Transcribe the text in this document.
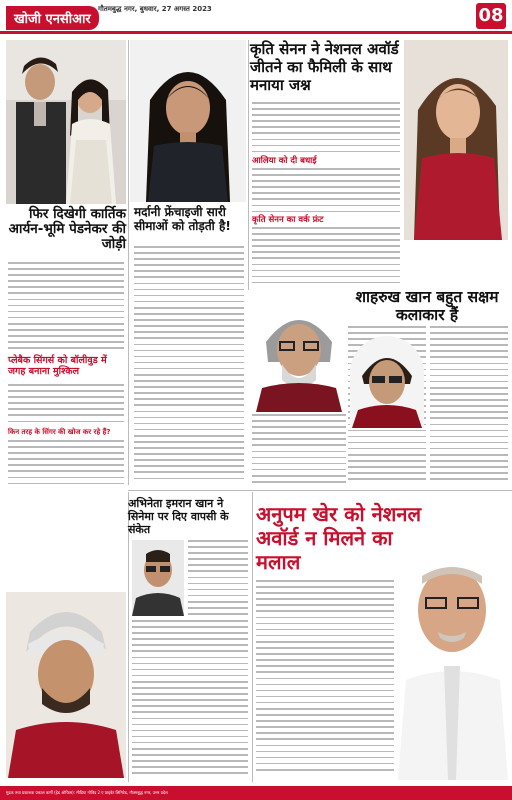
खोजी एनसीआर
गौतमबुद्ध नगर, बुधवार, 27 अगस्त 2023	08
फिर दिखेगी कार्तिक आर्यन-भूमि पेडनेकर की जोड़ी
प्लेबैक सिंगर्स को बॉलीवुड में जगह बनाना मुश्किल
किन तरह के सिंगर की खोज कर रहे हैं?
मर्दानी फ्रेंचाइजी सारी सीमाओं को तोड़ती है!
कृति सेनन ने नेशनल अवॉर्ड जीतने का फैमिली के साथ मनाया जश्न
आलिया को दी बधाई
कृति सेनन का वर्क फ्रंट
शाहरुख खान बहुत सक्षम कलाकार हैं
अभिनेता इमरान खान ने सिनेमा पर दिए वापसी के संकेत
अनुपम खेर को नेशनल अवॉर्ड न मिलने का मलाल
मुद्रक तथा प्रकाशक प्रकाश कर्णी (हेड ऑफिस): मीडिया गोविंद 2 ए प्राइवेट लिमिटेड, गौतमबुद्ध नगर, उत्तर प्रदेश
